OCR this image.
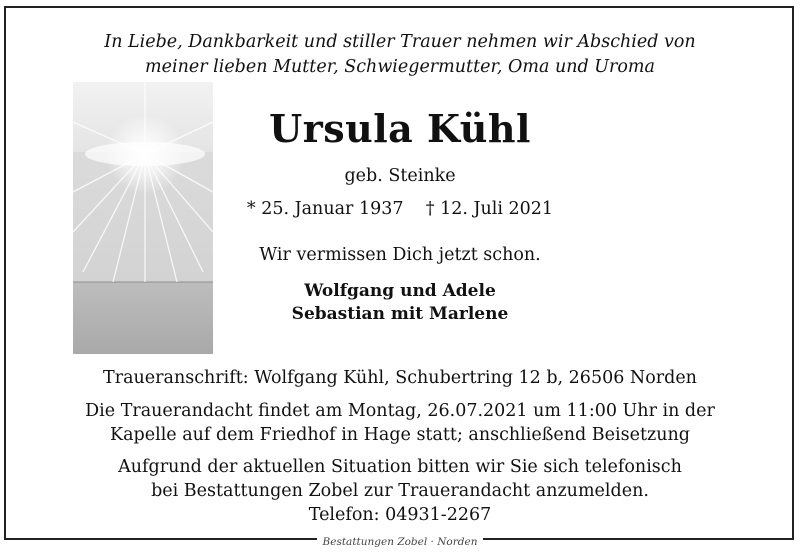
In Liebe, Dankbarkeit und stiller Trauer nehmen wir Abschied von
meiner lieben Mutter, Schwiegermutter, Oma und Uroma
Ursula Kühl
geb. Steinke
* 25. Januar 1937 † 12. Juli 2021
Wir vermissen Dich jetzt schon.
Wolfgang und Adele
Sebastian mit Marlene
Traueranschrift: Wolfgang Kühl, Schubertring 12 b, 26506 Norden
Die Trauerandacht findet am Montag, 26.07.2021 um 11:00 Uhr in der
Kapelle auf dem Friedhof in Hage statt; anschließend Beisetzung
Aufgrund der aktuellen Situation bitten wir Sie sich telefonisch
bei Bestattungen Zobel zur Trauerandacht anzumelden.
Telefon: 04931-2267
Bestattungen Zobel · Norden
